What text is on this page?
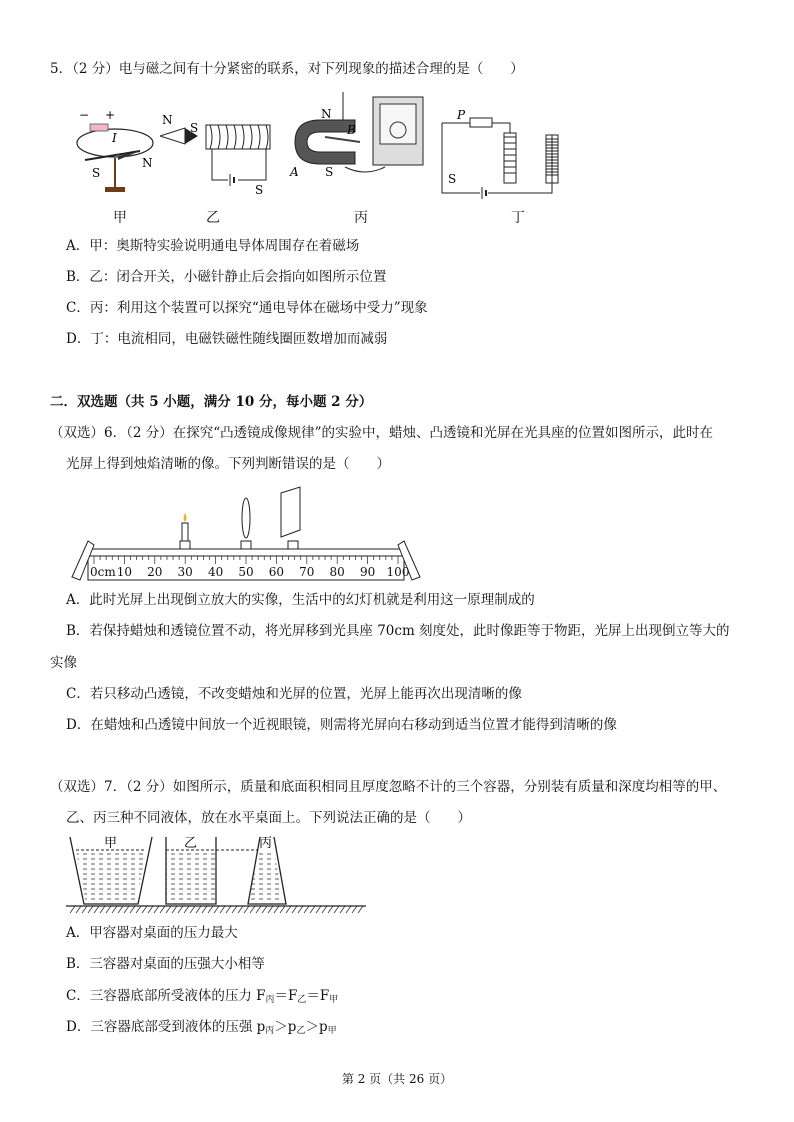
5．（2 分）电与磁之间有十分紧密的联系，对下列现象的描述合理的是（　　）
− +
I
S
N
N
S
S
N
B
A S
P
S
甲	乙	丙	丁
A．甲：奥斯特实验说明通电导体周围存在着磁场
B．乙：闭合开关，小磁针静止后会指向如图所示位置
C．丙：利用这个装置可以探究“通电导体在磁场中受力”现象
D．丁：电流相同，电磁铁磁性随线圈匝数增加而减弱
二．双选题（共 5 小题，满分 10 分，每小题 2 分）
（双选）6．（2 分）在探究“凸透镜成像规律”的实验中，蜡烛、凸透镜和光屏在光具座的位置如图所示，此时在
光屏上得到烛焰清晰的像。下列判断错误的是（　　）
0cm 10 20 30 40 50 60 70 80 90 100
A．此时光屏上出现倒立放大的实像，生活中的幻灯机就是利用这一原理制成的
B．若保持蜡烛和透镜位置不动，将光屏移到光具座 70cm 刻度处，此时像距等于物距，光屏上出现倒立等大的
实像
C．若只移动凸透镜，不改变蜡烛和光屏的位置，光屏上能再次出现清晰的像
D．在蜡烛和凸透镜中间放一个近视眼镜，则需将光屏向右移动到适当位置才能得到清晰的像
（双选）7．（2 分）如图所示，质量和底面积相同且厚度忽略不计的三个容器，分别装有质量和深度均相等的甲、
乙、丙三种不同液体，放在水平桌面上。下列说法正确的是（　　）
甲	乙	丙
A．甲容器对桌面的压力最大
B．三容器对桌面的压强大小相等
C．三容器底部所受液体的压力 $F_丙=F_乙=F_甲$
D．三容器底部受到液体的压强 $p_丙>p_乙>p_甲$
第 2 页（共 26 页）
